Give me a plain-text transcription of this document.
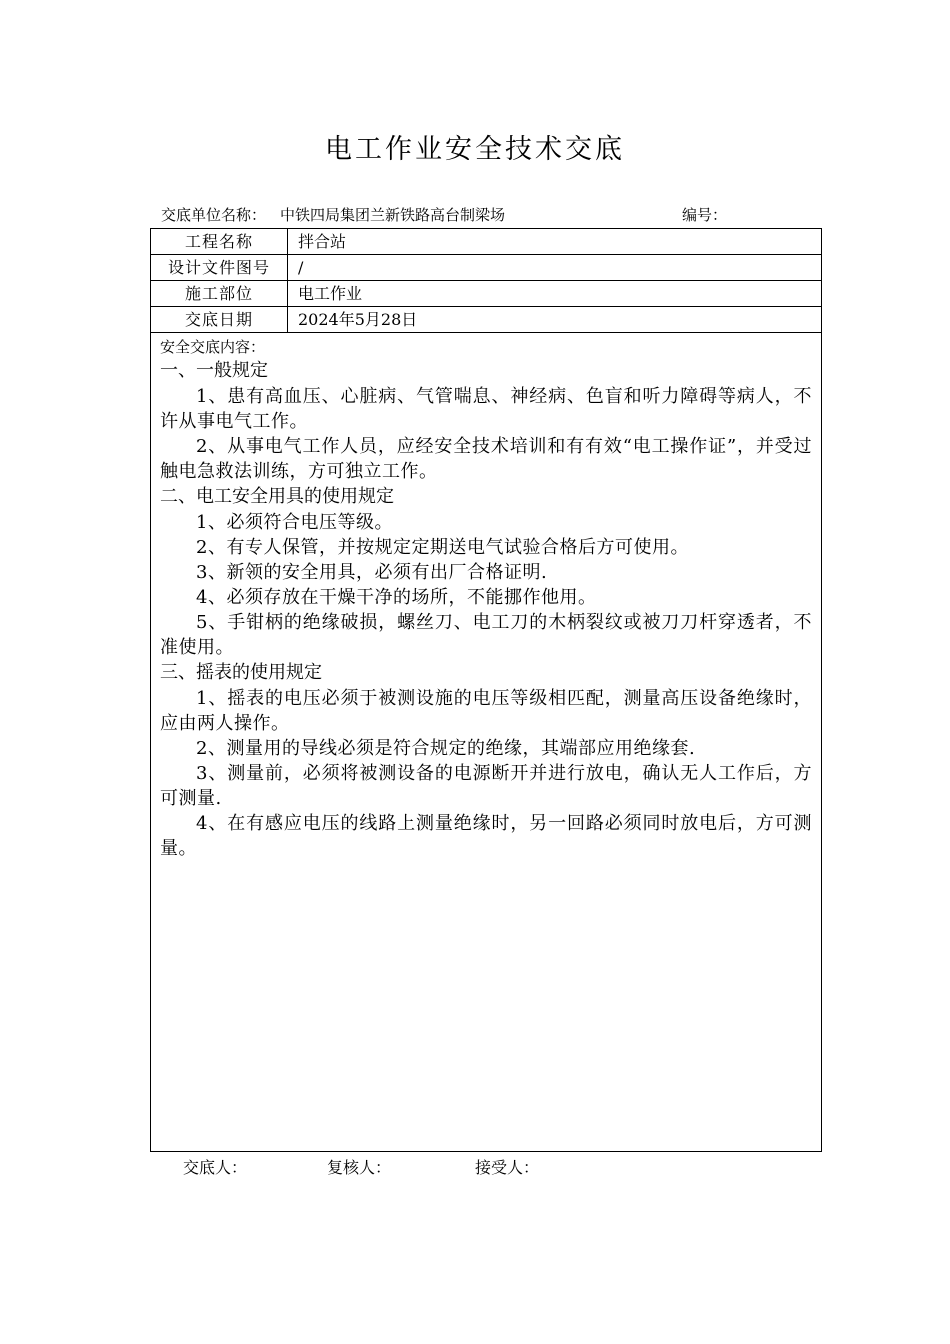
电工作业安全技术交底
交底单位名称： 中铁四局集团兰新铁路高台制梁场	编号：
工程名称	拌合站
设计文件图号	/
施工部位	电工作业
交底日期	2024年5月28日

安全交底内容：

一、一般规定

1、患有高血压、心脏病、气管喘息、神经病、色盲和听力障碍等病人，不许从事电气工作。

2、从事电气工作人员，应经安全技术培训和有有效“电工操作证”，并受过触电急救法训练，方可独立工作。

二、电工安全用具的使用规定

1、必须符合电压等级。

2、有专人保管，并按规定定期送电气试验合格后方可使用。

3、新领的安全用具，必须有出厂合格证明.

4、必须存放在干燥干净的场所，不能挪作他用。

5、手钳柄的绝缘破损，螺丝刀、电工刀的木柄裂纹或被刀刀杆穿透者，不准使用。

三、摇表的使用规定

1、摇表的电压必须于被测设施的电压等级相匹配，测量高压设备绝缘时，应由两人操作。

2、测量用的导线必须是符合规定的绝缘，其端部应用绝缘套.

3、测量前，必须将被测设备的电源断开并进行放电，确认无人工作后，方可测量.

4、在有感应电压的线路上测量绝缘时，另一回路必须同时放电后，方可测量。

交底人：	复核人：	接受人：
